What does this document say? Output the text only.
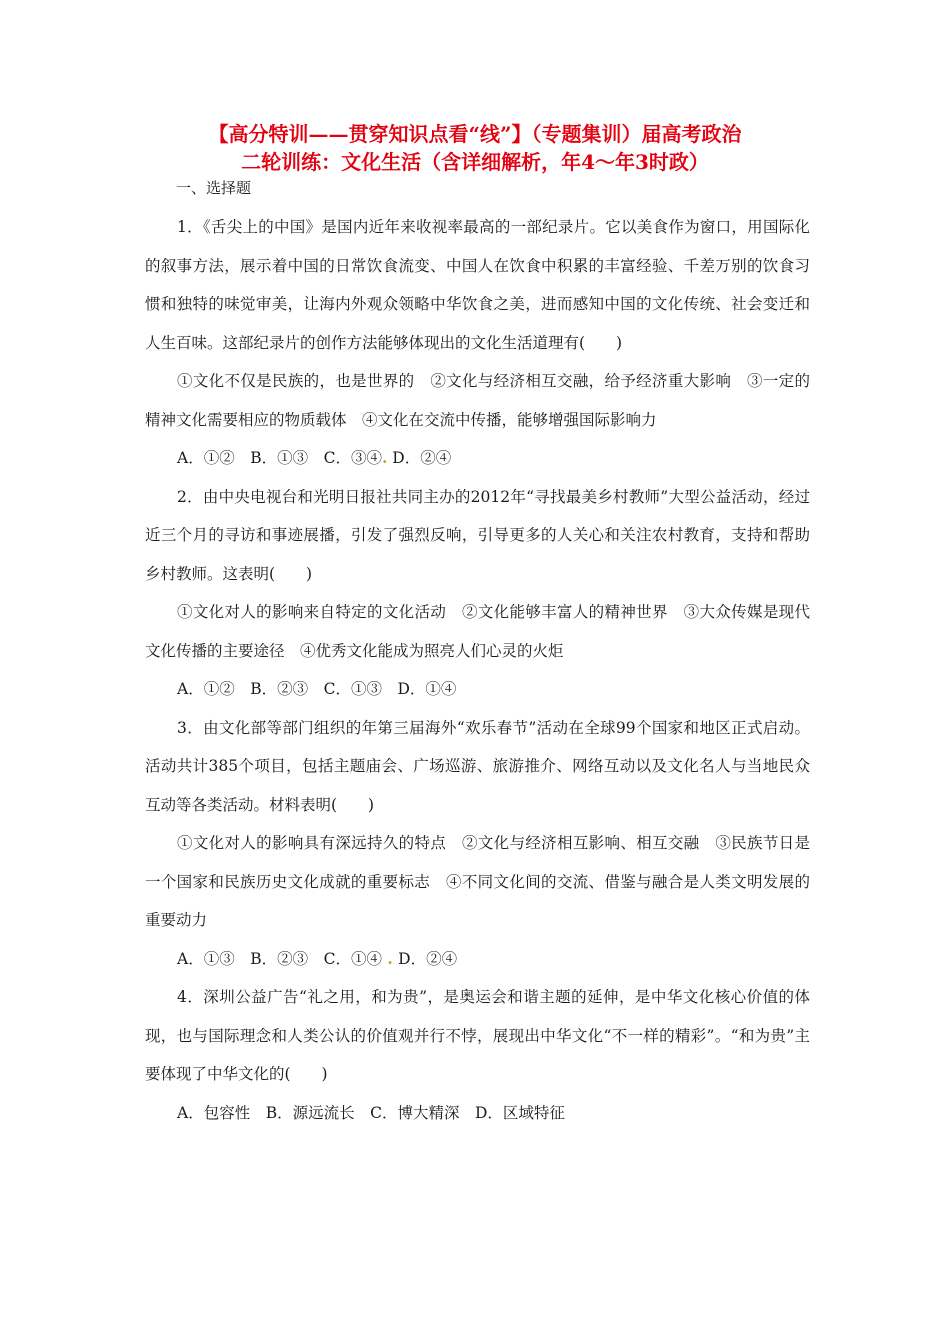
【高分特训——贯穿知识点看“线”】（专题集训）届高考政治
二轮训练：文化生活（含详细解析，年4～年3时政）
一、选择题

1．《舌尖上的中国》是国内近年来收视率最高的一部纪录片。它以美食作为窗口，用国际化的叙事方法，展示着中国的日常饮食流变、中国人在饮食中积累的丰富经验、千差万别的饮食习惯和独特的味觉审美，让海内外观众领略中华饮食之美，进而感知中国的文化传统、社会变迁和人生百味。这部纪录片的创作方法能够体现出的文化生活道理有(　　)

①文化不仅是民族的，也是世界的　②文化与经济相互交融，给予经济重大影响　③一定的精神文化需要相应的物质载体　④文化在交流中传播，能够增强国际影响力

A．①②　B．①③　C．③④. D．②④

2．由中央电视台和光明日报社共同主办的2012年“寻找最美乡村教师”大型公益活动，经过近三个月的寻访和事迹展播，引发了强烈反响，引导更多的人关心和关注农村教育，支持和帮助乡村教师。这表明(　　)

①文化对人的影响来自特定的文化活动　②文化能够丰富人的精神世界　③大众传媒是现代文化传播的主要途径　④优秀文化能成为照亮人们心灵的火炬

A．①②　B．②③　C．①③　D．①④

3．由文化部等部门组织的年第三届海外“欢乐春节”活动在全球99个国家和地区正式启动。活动共计385个项目，包括主题庙会、广场巡游、旅游推介、网络互动以及文化名人与当地民众互动等各类活动。材料表明(　　)

①文化对人的影响具有深远持久的特点　②文化与经济相互影响、相互交融　③民族节日是一个国家和民族历史文化成就的重要标志　④不同文化间的交流、借鉴与融合是人类文明发展的重要动力

A．①③　B．②③　C．①④ . D．②④

4．深圳公益广告“礼之用，和为贵”，是奥运会和谐主题的延伸，是中华文化核心价值的体现，也与国际理念和人类公认的价值观并行不悖，展现出中华文化“不一样的精彩”。“和为贵”主要体现了中华文化的(　　)

A．包容性　B．源远流长　C．博大精深　D．区域特征
